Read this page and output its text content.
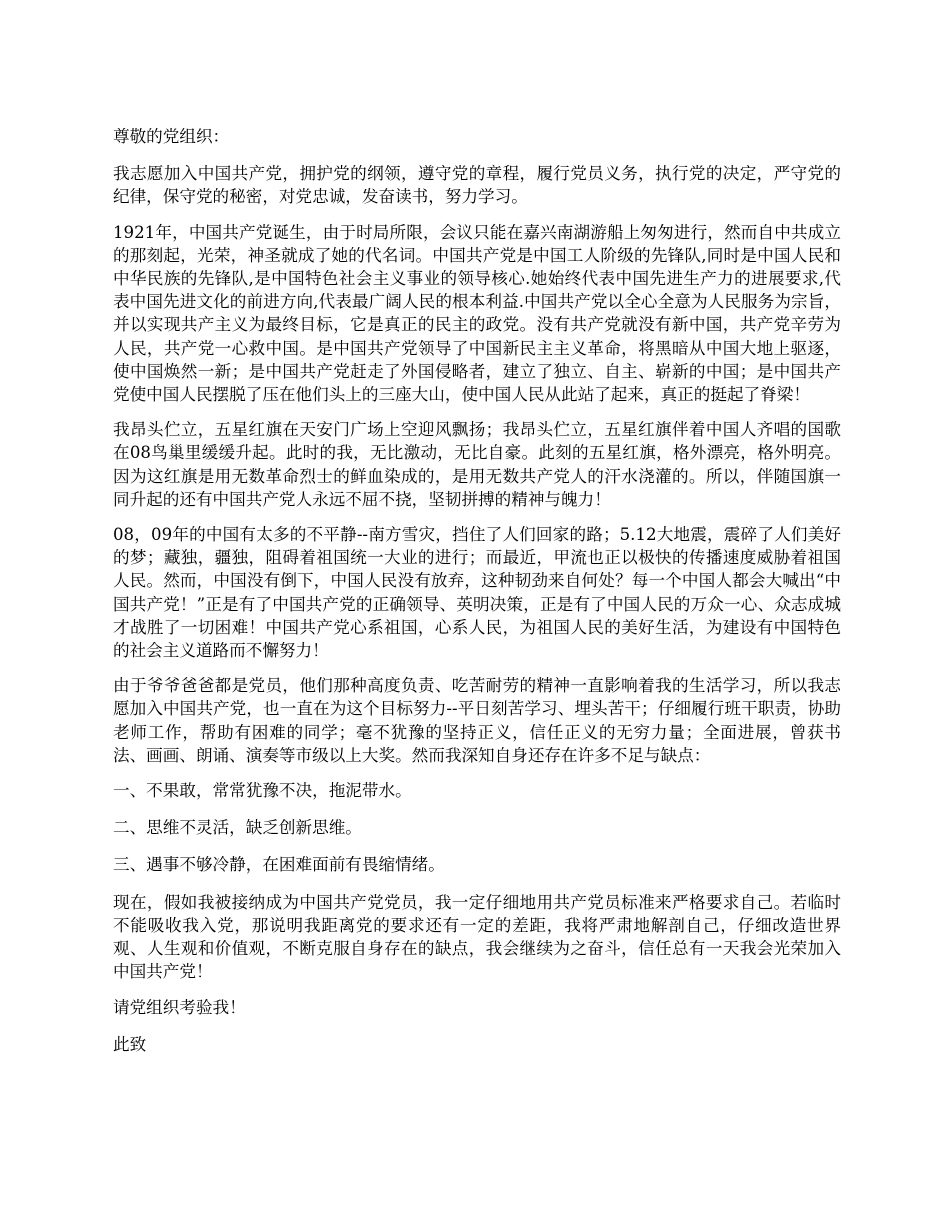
尊敬的党组织：

我志愿加入中国共产党，拥护党的纲领，遵守党的章程，履行党员义务，执行党的决定，严守党的纪律，保守党的秘密，对党忠诚，发奋读书，努力学习。

1921年，中国共产党诞生，由于时局所限，会议只能在嘉兴南湖游船上匆匆进行，然而自中共成立的那刻起，光荣，神圣就成了她的代名词。中国共产党是中国工人阶级的先锋队,同时是中国人民和中华民族的先锋队,是中国特色社会主义事业的领导核心.她始终代表中国先进生产力的进展要求,代表中国先进文化的前进方向,代表最广阔人民的根本利益.中国共产党以全心全意为人民服务为宗旨，并以实现共产主义为最终目标，它是真正的民主的政党。没有共产党就没有新中国，共产党辛劳为人民，共产党一心救中国。是中国共产党领导了中国新民主主义革命，将黑暗从中国大地上驱逐，使中国焕然一新；是中国共产党赶走了外国侵略者，建立了独立、自主、崭新的中国；是中国共产党使中国人民摆脱了压在他们头上的三座大山，使中国人民从此站了起来，真正的挺起了脊梁！

我昂头伫立，五星红旗在天安门广场上空迎风飘扬；我昂头伫立，五星红旗伴着中国人齐唱的国歌在08鸟巢里缓缓升起。此时的我，无比激动，无比自豪。此刻的五星红旗，格外漂亮，格外明亮。因为这红旗是用无数革命烈士的鲜血染成的，是用无数共产党人的汗水浇灌的。所以，伴随国旗一同升起的还有中国共产党人永远不屈不挠，坚韧拼搏的精神与魄力！

08，09年的中国有太多的不平静--南方雪灾，挡住了人们回家的路；5.12大地震，震碎了人们美好的梦；藏独，疆独，阻碍着祖国统一大业的进行；而最近，甲流也正以极快的传播速度威胁着祖国人民。然而，中国没有倒下，中国人民没有放弃，这种韧劲来自何处？每一个中国人都会大喊出“中国共产党！”正是有了中国共产党的正确领导、英明决策，正是有了中国人民的万众一心、众志成城才战胜了一切困难！中国共产党心系祖国，心系人民，为祖国人民的美好生活，为建设有中国特色的社会主义道路而不懈努力！

由于爷爷爸爸都是党员，他们那种高度负责、吃苦耐劳的精神一直影响着我的生活学习，所以我志愿加入中国共产党，也一直在为这个目标努力--平日刻苦学习、埋头苦干；仔细履行班干职责，协助老师工作，帮助有困难的同学；毫不犹豫的坚持正义，信任正义的无穷力量；全面进展，曾获书法、画画、朗诵、演奏等市级以上大奖。然而我深知自身还存在许多不足与缺点：

一、不果敢，常常犹豫不决，拖泥带水。

二、思维不灵活，缺乏创新思维。

三、遇事不够冷静，在困难面前有畏缩情绪。

现在，假如我被接纳成为中国共产党党员，我一定仔细地用共产党员标准来严格要求自己。若临时不能吸收我入党，那说明我距离党的要求还有一定的差距，我将严肃地解剖自己，仔细改造世界观、人生观和价值观，不断克服自身存在的缺点，我会继续为之奋斗，信任总有一天我会光荣加入中国共产党！

请党组织考验我！

此致
